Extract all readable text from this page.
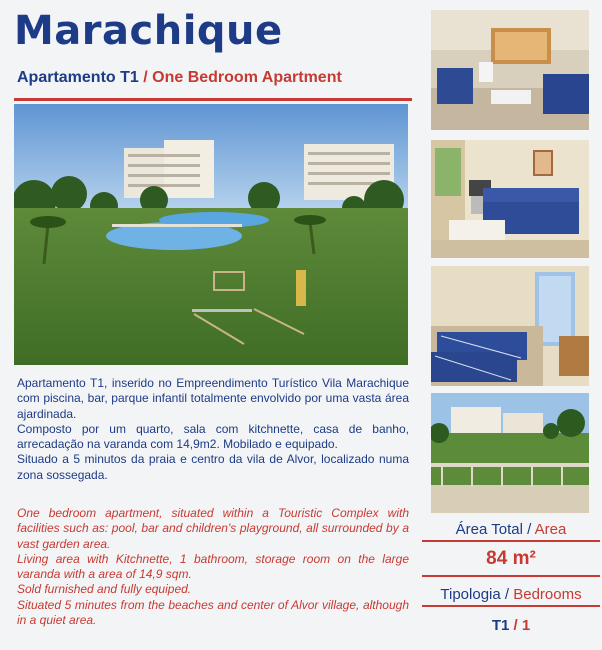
Marachique
Apartamento T1 / One Bedroom Apartment

Apartamento T1, inserido no Empreendimento Turístico Vila Marachique com piscina, bar, parque infantil totalmente envolvido por uma vasta área ajardinada.

Composto por um quarto, sala com kitchnette, casa de banho, arrecadação na varanda com 14,9m2. Mobilado e equipado.

Situado a 5 minutos da praia e centro da vila de Alvor, localizado numa zona sossegada.

One bedroom apartment, situated within a Touristic Complex with facilities such as: pool, bar and children's playground, all surrounded by a vast garden area.

Living area with Kitchnette, 1 bathroom, storage room on the large varanda with a area of 14,9 sqm.

Sold furnished and fully equiped.

Situated 5 minutes from the beaches and center of Alvor village, although in a quiet area.

Área Total / Area
84 m²
Tipologia / Bedrooms
T1 / 1
